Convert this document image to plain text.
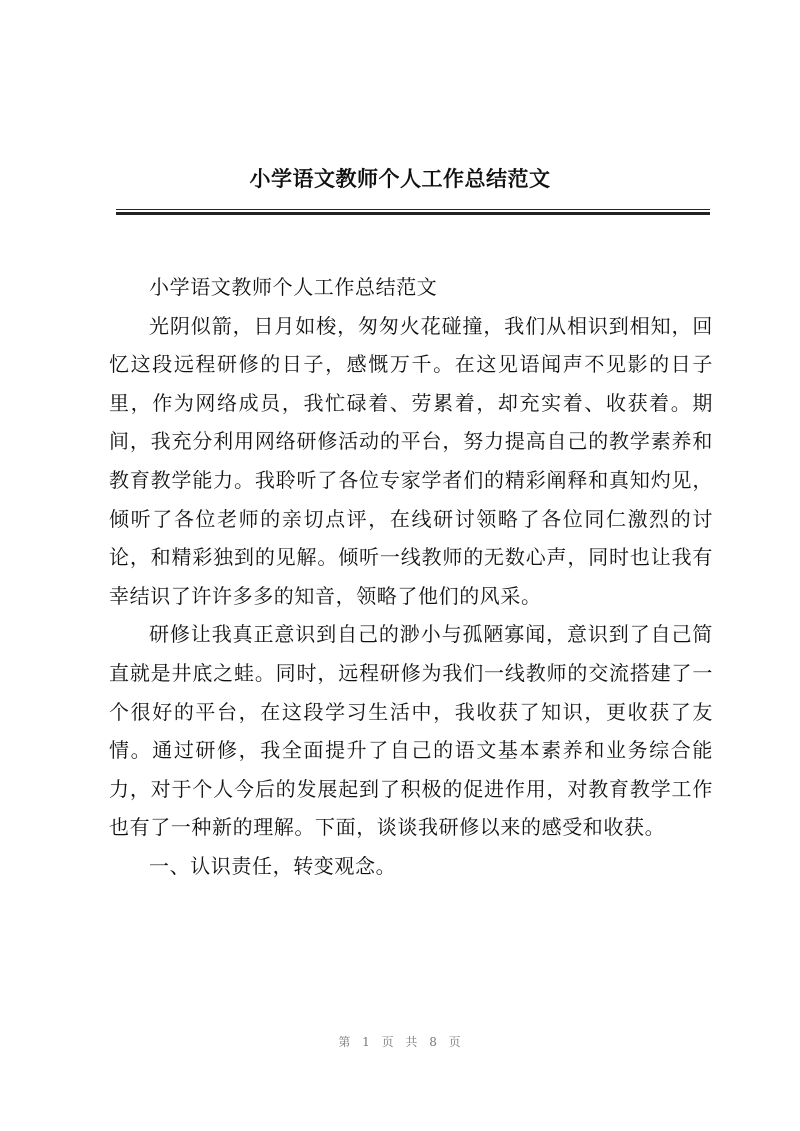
小学语文教师个人工作总结范文

小学语文教师个人工作总结范文

光阴似箭，日月如梭，匆匆火花碰撞，我们从相识到相知，回忆这段远程研修的日子，感慨万千。在这见语闻声不见影的日子里，作为网络成员，我忙碌着、劳累着，却充实着、收获着。期间，我充分利用网络研修活动的平台，努力提高自己的教学素养和教育教学能力。我聆听了各位专家学者们的精彩阐释和真知灼见，倾听了各位老师的亲切点评，在线研讨领略了各位同仁激烈的讨论，和精彩独到的见解。倾听一线教师的无数心声，同时也让我有幸结识了许许多多的知音，领略了他们的风采。

研修让我真正意识到自己的渺小与孤陋寡闻，意识到了自己简直就是井底之蛙。同时，远程研修为我们一线教师的交流搭建了一个很好的平台，在这段学习生活中，我收获了知识，更收获了友情。通过研修，我全面提升了自己的语文基本素养和业务综合能力，对于个人今后的发展起到了积极的促进作用，对教育教学工作也有了一种新的理解。下面，谈谈我研修以来的感受和收获。

一、认识责任，转变观念。

第 1 页 共 8 页
